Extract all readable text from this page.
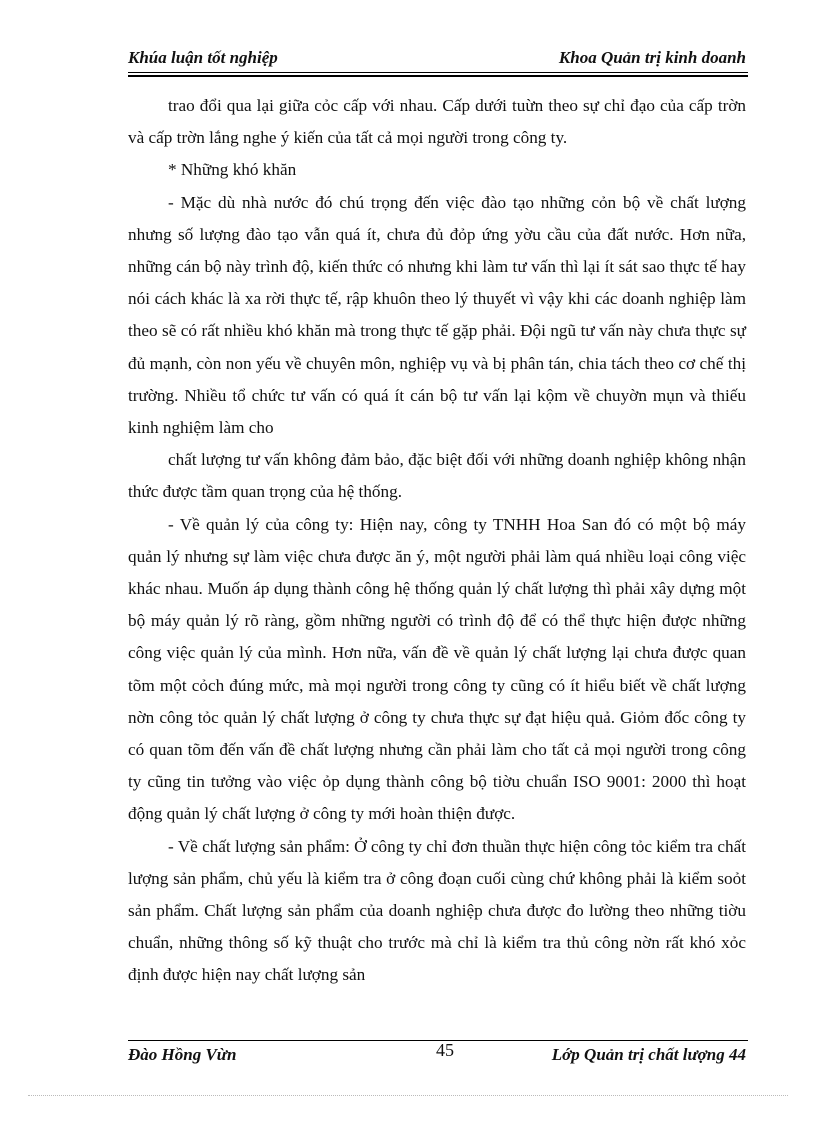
Khúa luận tốt nghiệp	Khoa Quản trị kinh doanh

trao đổi qua lại giữa cỏc cấp với nhau. Cấp dưới tuừn theo sự chỉ đạo của cấp trờn và cấp trờn lắng nghe ý kiến của tất cả mọi người trong công ty.

* Những khó khăn

- Mặc dù nhà nước đó chú trọng đến việc đào tạo những cỏn bộ về chất lượng nhưng số lượng đào tạo vẫn quá ít, chưa đủ đỏp ứng yờu cầu của đất nước. Hơn nữa, những cán bộ này trình độ, kiến thức có nhưng khi làm tư vấn thì lại ít sát sao thực tế hay nói cách khác là xa rời thực tế, rập khuôn theo lý thuyết vì vậy khi các doanh nghiệp làm theo sẽ có rất nhiều khó khăn mà trong thực tế gặp phải. Đội ngũ tư vấn này chưa thực sự đủ mạnh, còn non yếu về chuyên môn, nghiệp vụ và bị phân tán, chia tách theo cơ chế thị trường. Nhiều tổ chức tư vấn có quá ít cán bộ tư vấn lại kộm về chuyờn mụn và thiếu kinh nghiệm làm cho

chất lượng tư vấn không đảm bảo, đặc biệt đối với những doanh nghiệp không nhận thức được tầm quan trọng của hệ thống.

- Về quản lý của công ty: Hiện nay, công ty TNHH Hoa San đó có một bộ máy quản lý nhưng sự làm việc chưa được ăn ý, một người phải làm quá nhiều loại công việc khác nhau. Muốn áp dụng thành công hệ thống quản lý chất lượng thì phải xây dựng một bộ máy quản lý rõ ràng, gồm những người có trình độ để có thể thực hiện được những công việc quản lý của mình. Hơn nữa, vấn đề về quản lý chất lượng lại chưa được quan tõm một cỏch đúng mức, mà mọi người trong công ty cũng có ít hiểu biết về chất lượng nờn công tỏc quản lý chất lượng ở công ty chưa thực sự đạt hiệu quả. Giỏm đốc công ty có quan tõm đến vấn đề chất lượng nhưng cần phải làm cho tất cả mọi người trong công ty cũng tin tưởng vào việc ỏp dụng thành công bộ tiờu chuẩn ISO 9001: 2000 thì hoạt động quản lý chất lượng ở công ty mới hoàn thiện được.

- Về chất lượng sản phẩm: Ở công ty chỉ đơn thuần thực hiện công tỏc kiểm tra chất lượng sản phẩm, chủ yếu là kiểm tra ở công đoạn cuối cùng chứ không phải là kiểm soỏt sản phẩm. Chất lượng sản phẩm của doanh nghiệp chưa được đo lường theo những tiờu chuẩn, những thông số kỹ thuật cho trước mà chỉ là kiểm tra thủ công nờn rất khó xỏc định được hiện nay chất lượng sản

Đào Hồng Vừn	45	Lớp Quản trị chất lượng 44
